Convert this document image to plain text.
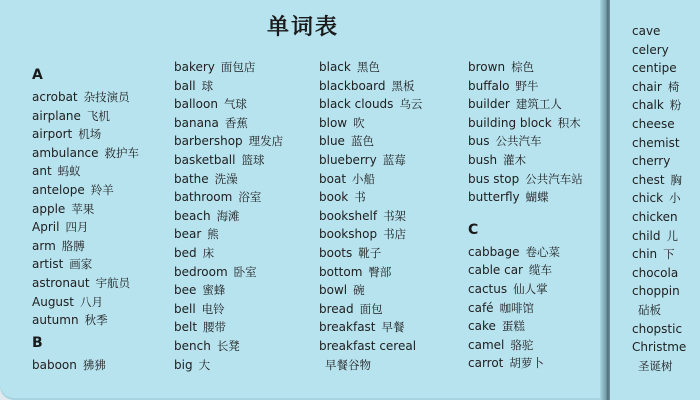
单词表
A
acrobat 杂技演员
airplane 飞机
airport 机场
ambulance 救护车
ant 蚂蚁
antelope 羚羊
apple 苹果
April 四月
arm 胳膊
artist 画家
astronaut 宇航员
August 八月
autumn 秋季
B
baboon 狒狒
bakery 面包店
ball 球
balloon 气球
banana 香蕉
barbershop 理发店
basketball 篮球
bathe 洗澡
bathroom 浴室
beach 海滩
bear 熊
bed 床
bedroom 卧室
bee 蜜蜂
bell 电铃
belt 腰带
bench 长凳
big 大
black 黑色
blackboard 黑板
black clouds 乌云
blow 吹
blue 蓝色
blueberry 蓝莓
boat 小船
book 书
bookshelf 书架
bookshop 书店
boots 靴子
bottom 臀部
bowl 碗
bread 面包
breakfast 早餐
breakfast cereal
早餐谷物
brown 棕色
buffalo 野牛
builder 建筑工人
building block 积木
bus 公共汽车
bush 灌木
bus stop 公共汽车站
butterfly 蝴蝶
C
cabbage 卷心菜
cable car 缆车
cactus 仙人掌
café 咖啡馆
cake 蛋糕
camel 骆驼
carrot 胡萝卜
cave
celery
centipe
chair 椅
chalk 粉
cheese
chemist
cherry
chest 胸
chick 小
chicken
child 儿
chin 下
chocola
choppin
砧板
chopstic
Christme
圣诞树
